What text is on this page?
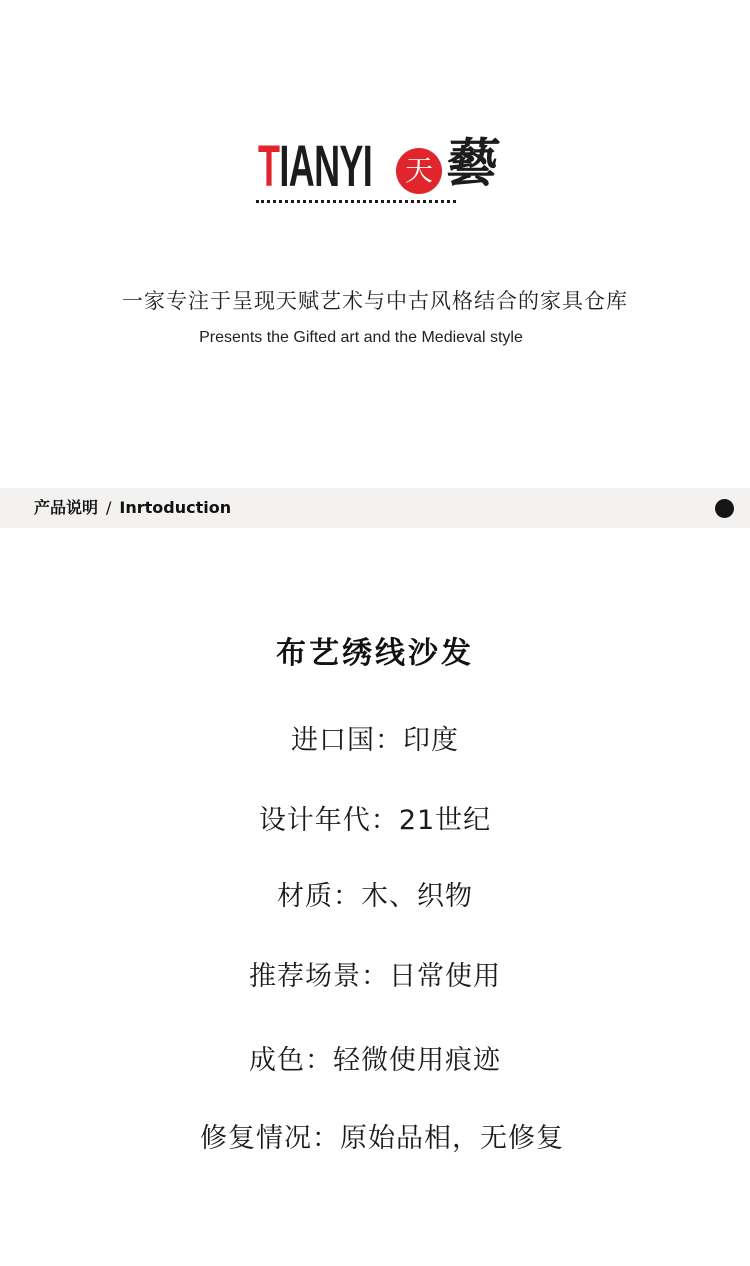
TIANYI	天 藝
一家专注于呈现天赋艺术与中古风格结合的家具仓库
Presents the Gifted art and the Medieval style
产品说明 / Inrtoduction
布艺绣线沙发
进口国：印度
设计年代：21世纪
材质：木、织物
推荐场景：日常使用
成色：轻微使用痕迹
修复情况：原始品相，无修复
